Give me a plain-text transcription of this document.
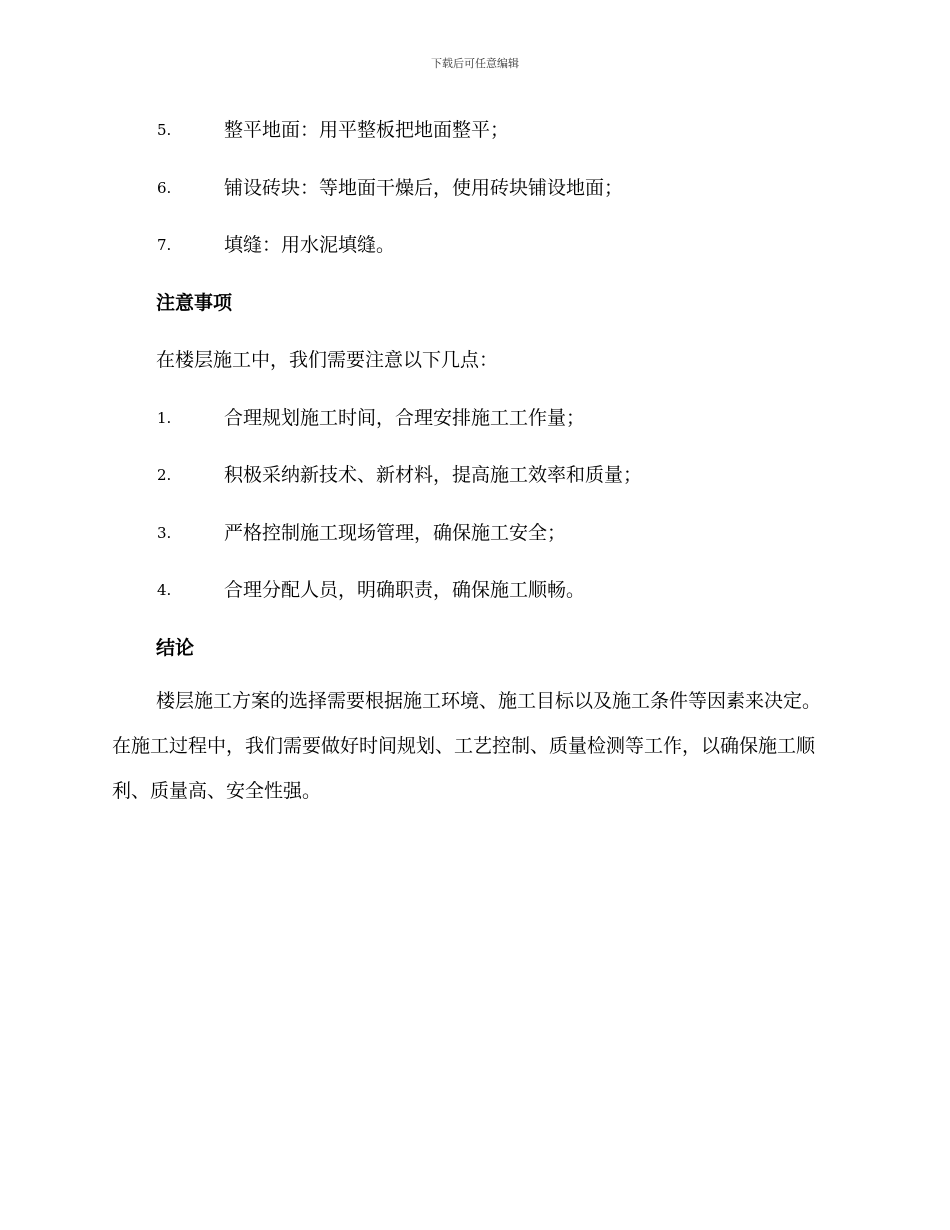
下载后可任意编辑
5.	整平地面：用平整板把地面整平；
6.	铺设砖块：等地面干燥后，使用砖块铺设地面；
7.	填缝：用水泥填缝。
注意事项
在楼层施工中，我们需要注意以下几点：
1.	合理规划施工时间，合理安排施工工作量；
2.	积极采纳新技术、新材料，提高施工效率和质量；
3.	严格控制施工现场管理，确保施工安全；
4.	合理分配人员，明确职责，确保施工顺畅。
结论
楼层施工方案的选择需要根据施工环境、施工目标以及施工条件等因素来决定。在施工过程中，我们需要做好时间规划、工艺控制、质量检测等工作，以确保施工顺利、质量高、安全性强。
